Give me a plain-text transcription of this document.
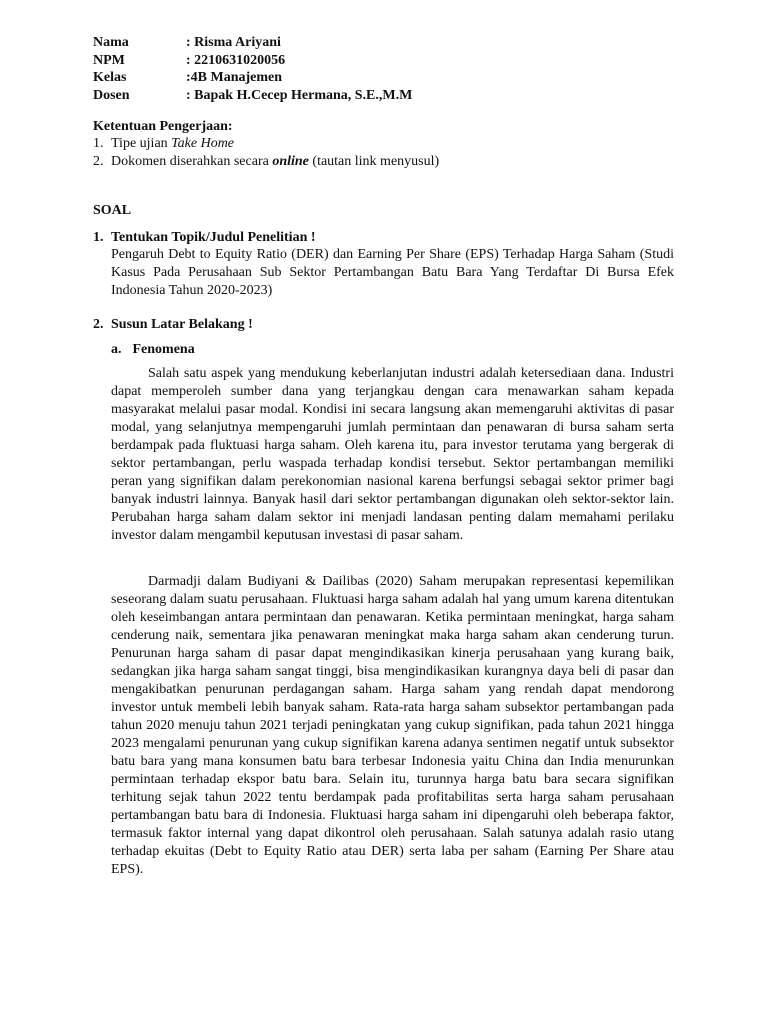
Nama	: Risma Ariyani
NPM	: 2210631020056
Kelas	:4B Manajemen
Dosen	: Bapak H.Cecep Hermana, S.E.,M.M
Ketentuan Pengerjaan:
1. Tipe ujian Take Home
2. Dokomen diserahkan secara online (tautan link menyusul)
SOAL
1. Tentukan Topik/Judul Penelitian !
Pengaruh Debt to Equity Ratio (DER) dan Earning Per Share (EPS) Terhadap Harga Saham (Studi Kasus Pada Perusahaan Sub Sektor Pertambangan Batu Bara Yang Terdaftar Di Bursa Efek Indonesia Tahun 2020-2023)
2. Susun Latar Belakang !
a. Fenomena

Salah satu aspek yang mendukung keberlanjutan industri adalah ketersediaan dana. Industri dapat memperoleh sumber dana yang terjangkau dengan cara menawarkan saham kepada masyarakat melalui pasar modal. Kondisi ini secara langsung akan memengaruhi aktivitas di pasar modal, yang selanjutnya mempengaruhi jumlah permintaan dan penawaran di bursa saham serta berdampak pada fluktuasi harga saham. Oleh karena itu, para investor terutama yang bergerak di sektor pertambangan, perlu waspada terhadap kondisi tersebut. Sektor pertambangan memiliki peran yang signifikan dalam perekonomian nasional karena berfungsi sebagai sektor primer bagi banyak industri lainnya. Banyak hasil dari sektor pertambangan digunakan oleh sektor-sektor lain. Perubahan harga saham dalam sektor ini menjadi landasan penting dalam memahami perilaku investor dalam mengambil keputusan investasi di pasar saham.

Darmadji dalam Budiyani & Dailibas (2020) Saham merupakan representasi kepemilikan seseorang dalam suatu perusahaan. Fluktuasi harga saham adalah hal yang umum karena ditentukan oleh keseimbangan antara permintaan dan penawaran. Ketika permintaan meningkat, harga saham cenderung naik, sementara jika penawaran meningkat maka harga saham akan cenderung turun. Penurunan harga saham di pasar dapat mengindikasikan kinerja perusahaan yang kurang baik, sedangkan jika harga saham sangat tinggi, bisa mengindikasikan kurangnya daya beli di pasar dan mengakibatkan penurunan perdagangan saham. Harga saham yang rendah dapat mendorong investor untuk membeli lebih banyak saham. Rata-rata harga saham subsektor pertambangan pada tahun 2020 menuju tahun 2021 terjadi peningkatan yang cukup signifikan, pada tahun 2021 hingga 2023 mengalami penurunan yang cukup signifikan karena adanya sentimen negatif untuk subsektor batu bara yang mana konsumen batu bara terbesar Indonesia yaitu China dan India menurunkan permintaan terhadap ekspor batu bara. Selain itu, turunnya harga batu bara secara signifikan terhitung sejak tahun 2022 tentu berdampak pada profitabilitas serta harga saham perusahaan pertambangan batu bara di Indonesia. Fluktuasi harga saham ini dipengaruhi oleh beberapa faktor, termasuk faktor internal yang dapat dikontrol oleh perusahaan. Salah satunya adalah rasio utang terhadap ekuitas (Debt to Equity Ratio atau DER) serta laba per saham (Earning Per Share atau EPS).
